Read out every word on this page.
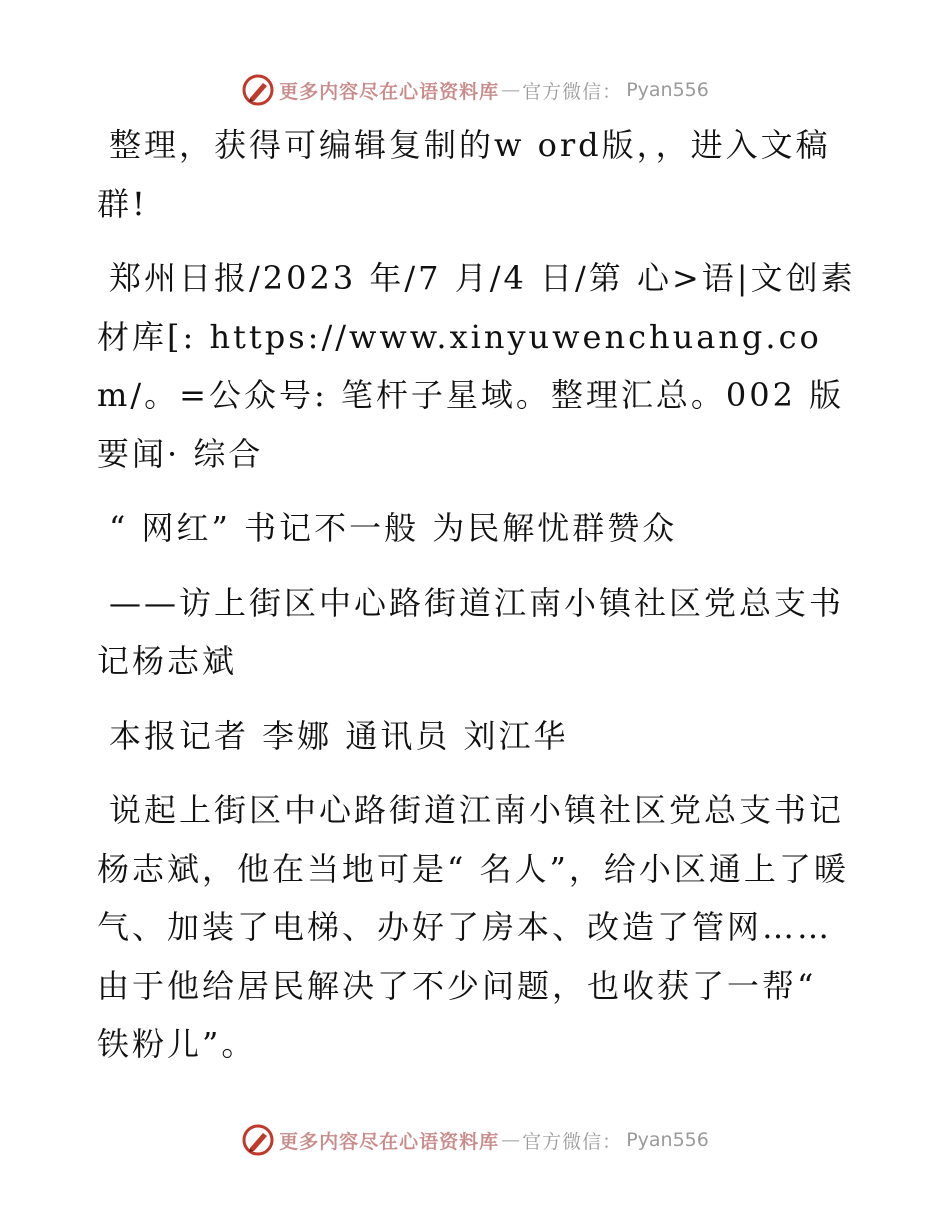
更多内容尽在心语资料库 — 官方微信： Pyan556

整理，获得可编辑复制的w ord版，，进入文稿群!

郑州日报/2023 年/7 月/4 日/第 心>语|文创素材库[: https://www.xinyuwenchuang.com/。=公众号: 笔杆子星域。整理汇总。002 版要闻· 综合

“ 网红” 书记不一般 为民解忧群赞众

——访上街区中心路街道江南小镇社区党总支书记杨志斌

本报记者 李娜 通讯员 刘江华

说起上街区中心路街道江南小镇社区党总支书记杨志斌，他在当地可是“ 名人”，给小区通上了暖气、加装了电梯、办好了房本、改造了管网……由于他给居民解决了不少问题，也收获了一帮“ 铁粉儿”。

更多内容尽在心语资料库 — 官方微信： Pyan556
